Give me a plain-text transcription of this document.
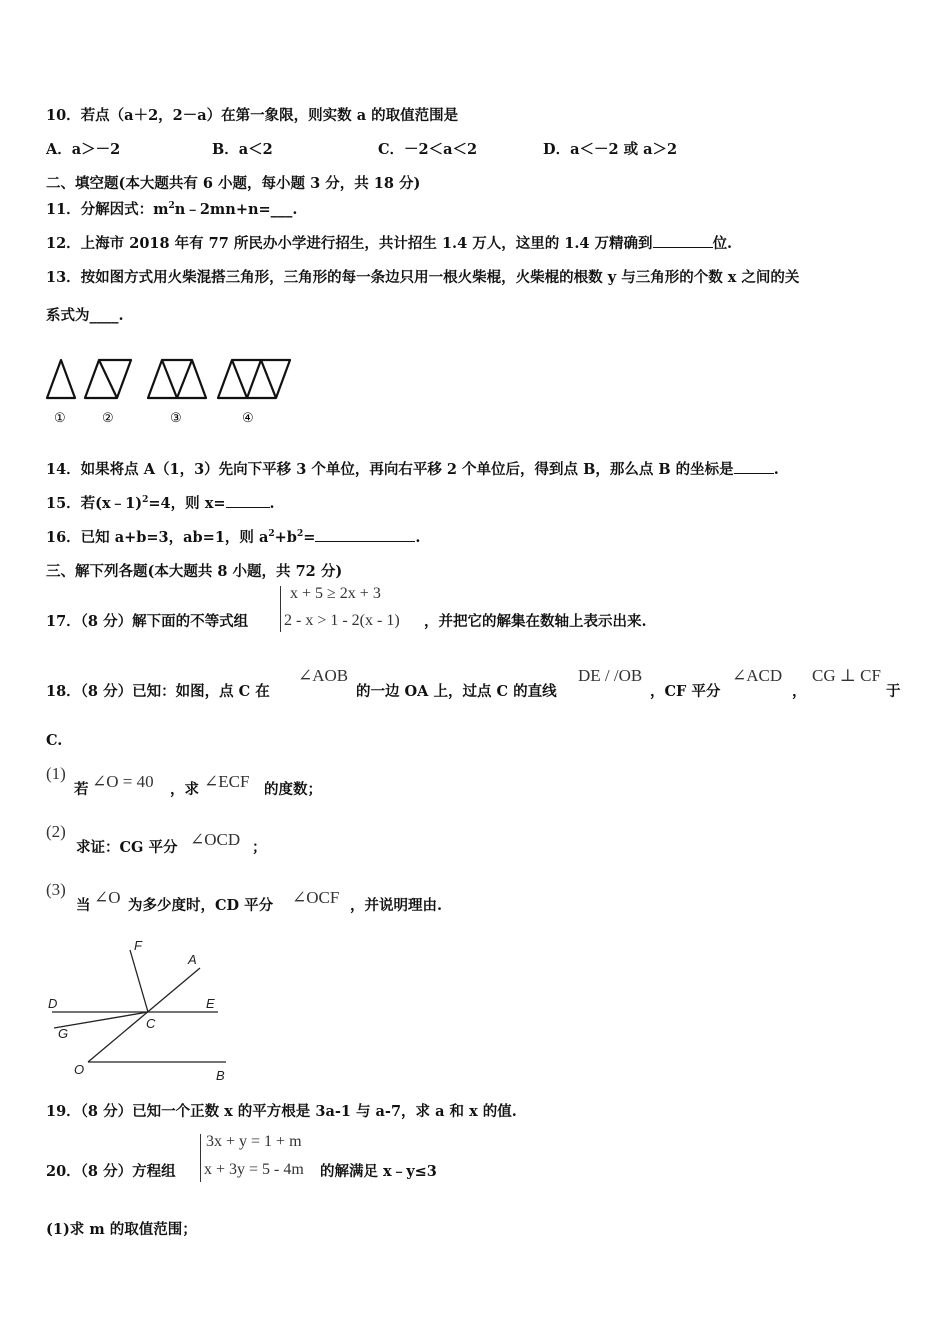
10．若点（a＋2，2－a）在第一象限，则实数 a 的取值范围是
A．a＞－2	B．a＜2	C．－2＜a＜2	D．a＜－2 或 a＞2
二、填空题(本大题共有 6 小题，每小题 3 分，共 18 分)
11．分解因式：$m^2n﹣2mn+n=\_\_\_$.
12．上海市 2018 年有 77 所民办小学进行招生，共计招生 1.4 万人，这里的 1.4 万精确到	位.
13．按如图方式用火柴混搭三角形，三角形的每一条边只用一根火柴棍，火柴棍的根数 y 与三角形的个数 x 之间的关
系式为____.
①	②	③	④
14．如果将点 A（1，3）先向下平移 3 个单位，再向右平移 2 个单位后，得到点 B，那么点 B 的坐标是	.
15．若(x﹣1)$^2$=4，则 x=	.
16．已知 a+b=3，ab=1，则 $a^2+b^2=$	.
三、解下列各题(本大题共 8 小题，共 72 分)
17．（8 分）解下面的不等式组
x + 5 ≥ 2x + 3
2 - x > 1 - 2(x - 1) ，并把它的解集在数轴上表示出来.
18．（8 分）已知：如图，点 C 在
∠AOB
的一边 OA 上，过点 C 的直线
DE / /OB
，CF 平分
∠ACD
，
CG ⊥ CF
于
C.
(1)
若 ∠O = 40 ，求 ∠ECF 的度数；
(2)
求证：CG 平分 ∠OCD ；
(3)
当 ∠O 为多少度时，CD 平分 ∠OCF ，并说明理由.
F
A
D	E
G
C
O	B
19．（8 分）已知一个正数 x 的平方根是 3a-1 与 a-7，求 a 和 x 的值.
20．（8 分）方程组
3x + y = 1 + m
x + 3y = 5 - 4m 的解满足 x﹣y≤3
(1)求 m 的取值范围；
